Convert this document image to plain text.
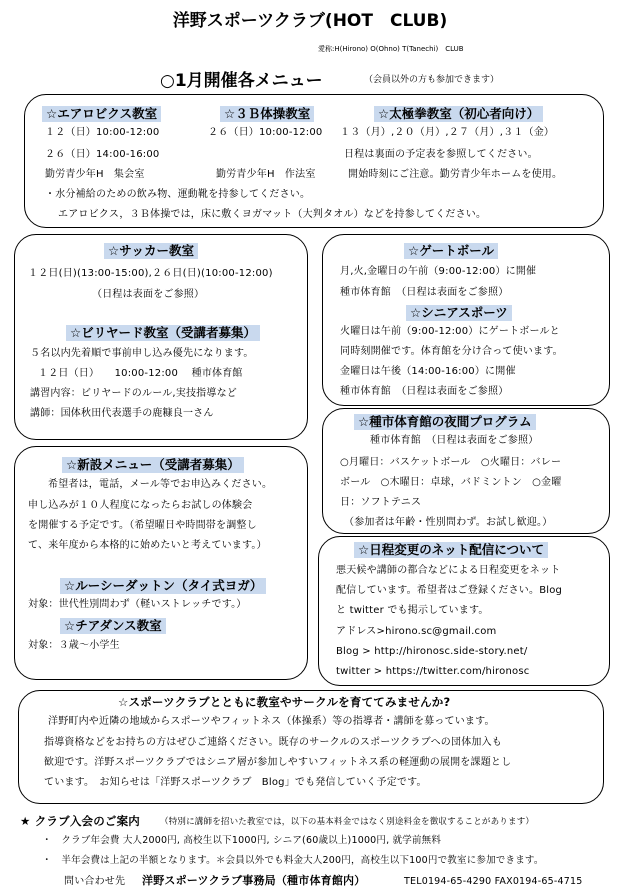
洋野スポーツクラブ(HOT　CLUB)
愛称:H(Hirono) O(Ohno) T(Tanechi)　CLUB
○1月開催各メニュー	（会員以外の方も参加できます）
☆エアロビクス教室	☆３Ｂ体操教室	☆太極拳教室（初心者向け）
１２（日）10:00-12:00
２６（日）14:00-16:00
勤労青少年H　集会室
２６（日）10:00-12:00
勤労青少年H　作法室
１３（月）,２０（月）,２７（月）,３１（金）
日程は裏面の予定表を参照してください。
開始時刻にご注意。勤労青少年ホームを使用。
・水分補給のための飲み物、運動靴を持参してください。
エアロビクス，３Ｂ体操では，床に敷くヨガマット（大判タオル）などを持参してください。
☆サッカー教室
１２日(日)(13:00-15:00),２６日(日)(10:00-12:00)
（日程は表面をご参照）
☆ビリヤード教室（受講者募集）
５名以内先着順で事前申し込み優先になります。
１２日（日）　　10:00-12:00　 種市体育館
講習内容：ビリヤードのルール,実技指導など
講師：国体秋田代表選手の鹿糠良一さん
☆ゲートボール
月,火,金曜日の午前（9:00-12:00）に開催
種市体育館　（日程は表面をご参照）
☆シニアスポーツ
火曜日は午前（9:00-12:00）にゲートボールと
同時刻開催です。体育館を分け合って使います。
金曜日は午後（14:00-16:00）に開催
種市体育館　（日程は表面をご参照）
☆種市体育館の夜間プログラム
種市体育館　（日程は表面をご参照）
○月曜日：バスケットボール　○火曜日：バレー
ボール　○木曜日：卓球，バドミントン　○金曜
日：ソフトテニス
（参加者は年齢・性別問わず。お試し歓迎。）
☆新設メニュー（受講者募集）
希望者は，電話，メール等でお申込みください。
申し込みが１０人程度になったらお試しの体験会
を開催する予定です。（希望曜日や時間帯を調整し
て、来年度から本格的に始めたいと考えています。）
☆ルーシーダットン（タイ式ヨガ）
対象：世代性別問わず（軽いストレッチです。）
☆チアダンス教室
対象：３歳～小学生
☆日程変更のネット配信について
悪天候や講師の都合などによる日程変更をネット
配信しています。希望者はご登録ください。Blog
と twitter でも掲示しています。
アドレス>hirono.sc@gmail.com
Blog > http://hironosc.side-story.net/
twitter > https://twitter.com/hironosc
☆スポーツクラブとともに教室やサークルを育ててみませんか?
洋野町内や近隣の地域からスポーツやフィットネス（体操系）等の指導者・講師を募っています。
指導資格などをお持ちの方はぜひご連絡ください。既存のサークルのスポーツクラブへの団体加入も
歓迎です。洋野スポーツクラブではシニア層が参加しやすいフィットネス系の軽運動の展開を課題とし
ています。　お知らせは「洋野スポーツクラブ　Blog」でも発信していく予定です。
★ クラブ入会のご案内 （特別に講師を招いた教室では，以下の基本料金ではなく別途料金を徴収することがあります）
・　クラブ年会費 大人2000円, 高校生以下1000円, シニア(60歳以上)1000円, 就学前無料
・　半年会費は上記の半額となります。＊会員以外でも料金大人200円，高校生以下100円で教室に参加できます。
問い合わせ先 洋野スポーツクラブ事務局（種市体育館内）	TEL0194-65-4290 FAX0194-65-4715
